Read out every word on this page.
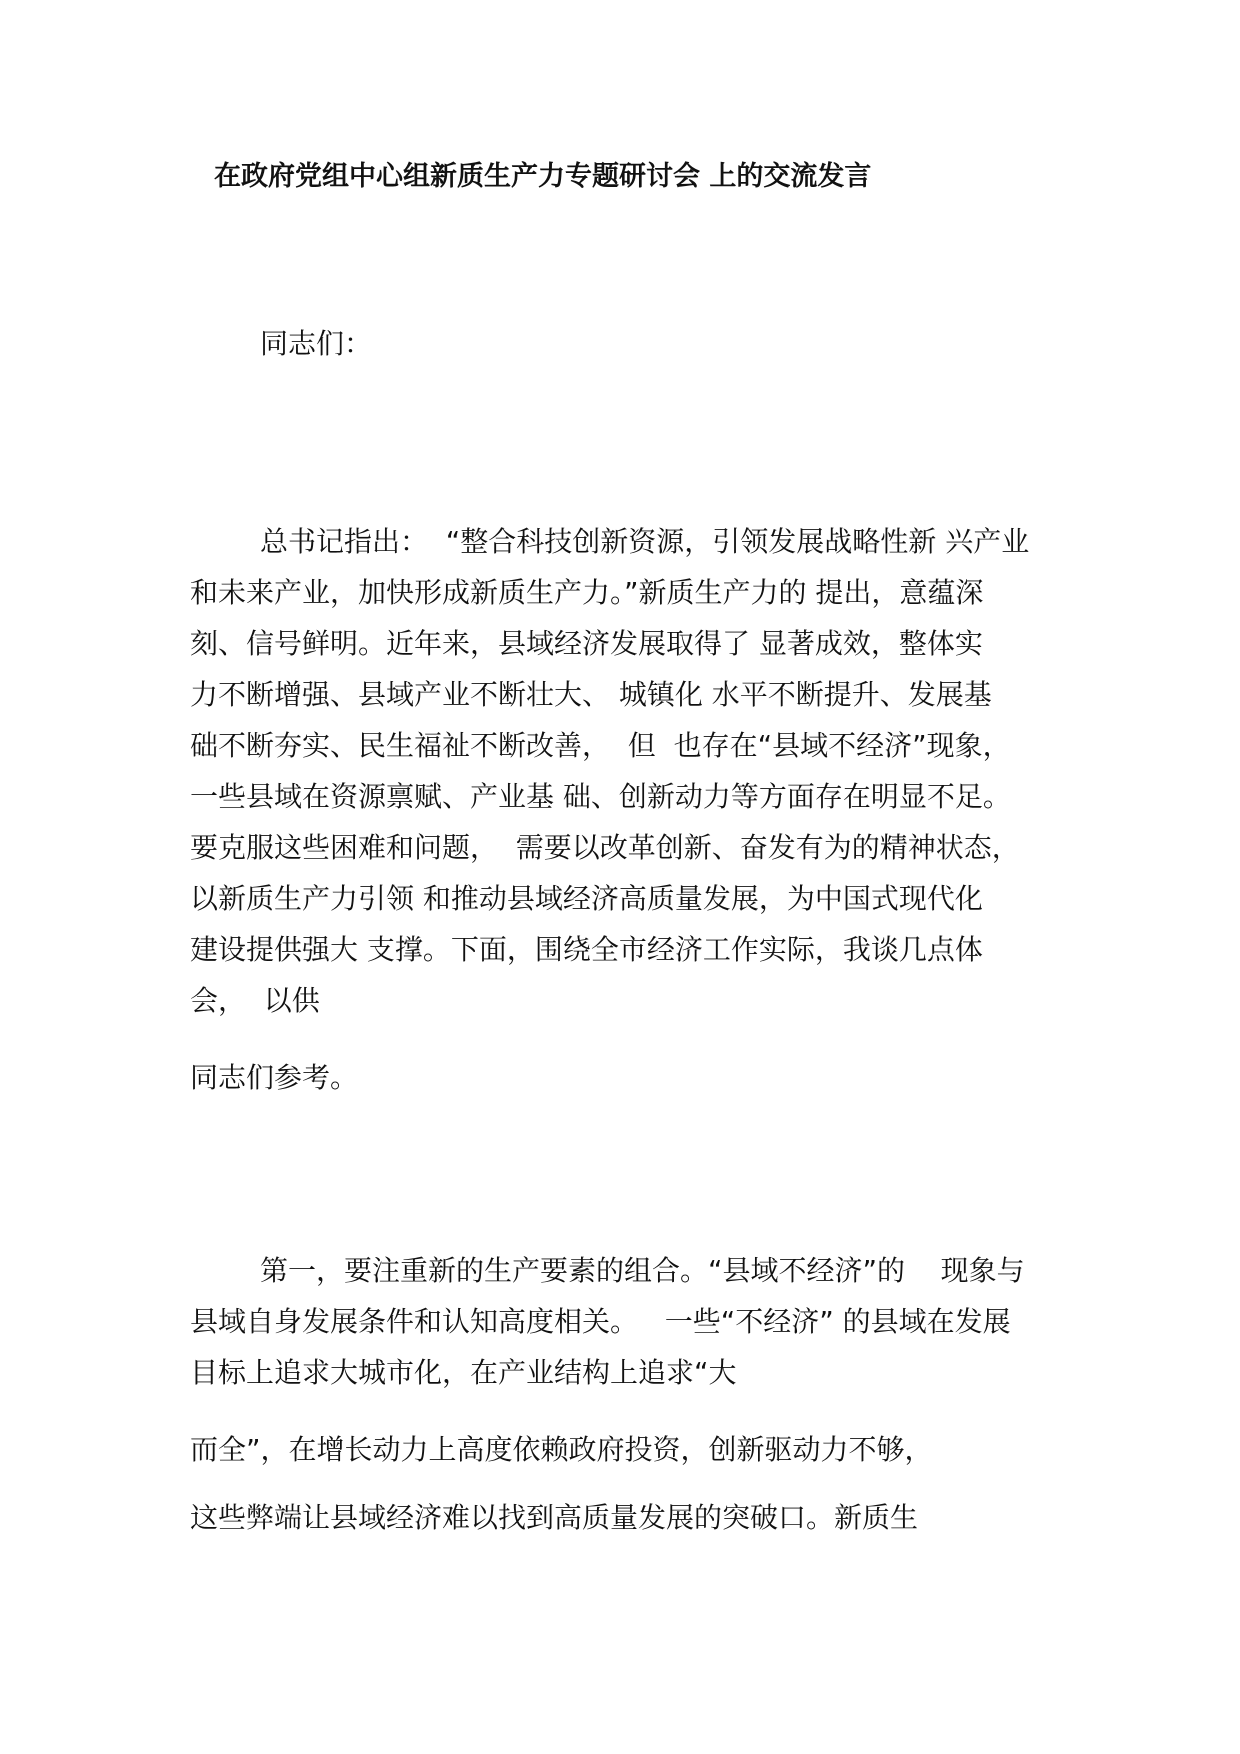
在政府党组中心组新质生产力专题研讨会 上的交流发言
同志们：
总书记指出：  “整合科技创新资源，引领发展战略性新 兴产业
和未来产业，加快形成新质生产力。”新质生产力的 提出，意蕴深
刻、信号鲜明。近年来，县域经济发展取得了 显著成效，整体实
力不断增强、县域产业不断壮大、 城镇化 水平不断提升、发展基
础不断夯实、民生福祉不断改善，  但  也存在“县域不经济”现象，
一些县域在资源禀赋、产业基 础、创新动力等方面存在明显不足。
要克服这些困难和问题，  需要以改革创新、奋发有为的精神状态，
以新质生产力引领 和推动县域经济高质量发展，为中国式现代化
建设提供强大 支撑。下面，围绕全市经济工作实际，我谈几点体
会，  以供
同志们参考。
第一，要注重新的生产要素的组合。“县域不经济”的    现象与
县域自身发展条件和认知高度相关。   一些“不经济” 的县域在发展
目标上追求大城市化，在产业结构上追求“大
而全”，在增长动力上高度依赖政府投资，创新驱动力不够，
这些弊端让县域经济难以找到高质量发展的突破口。新质生
